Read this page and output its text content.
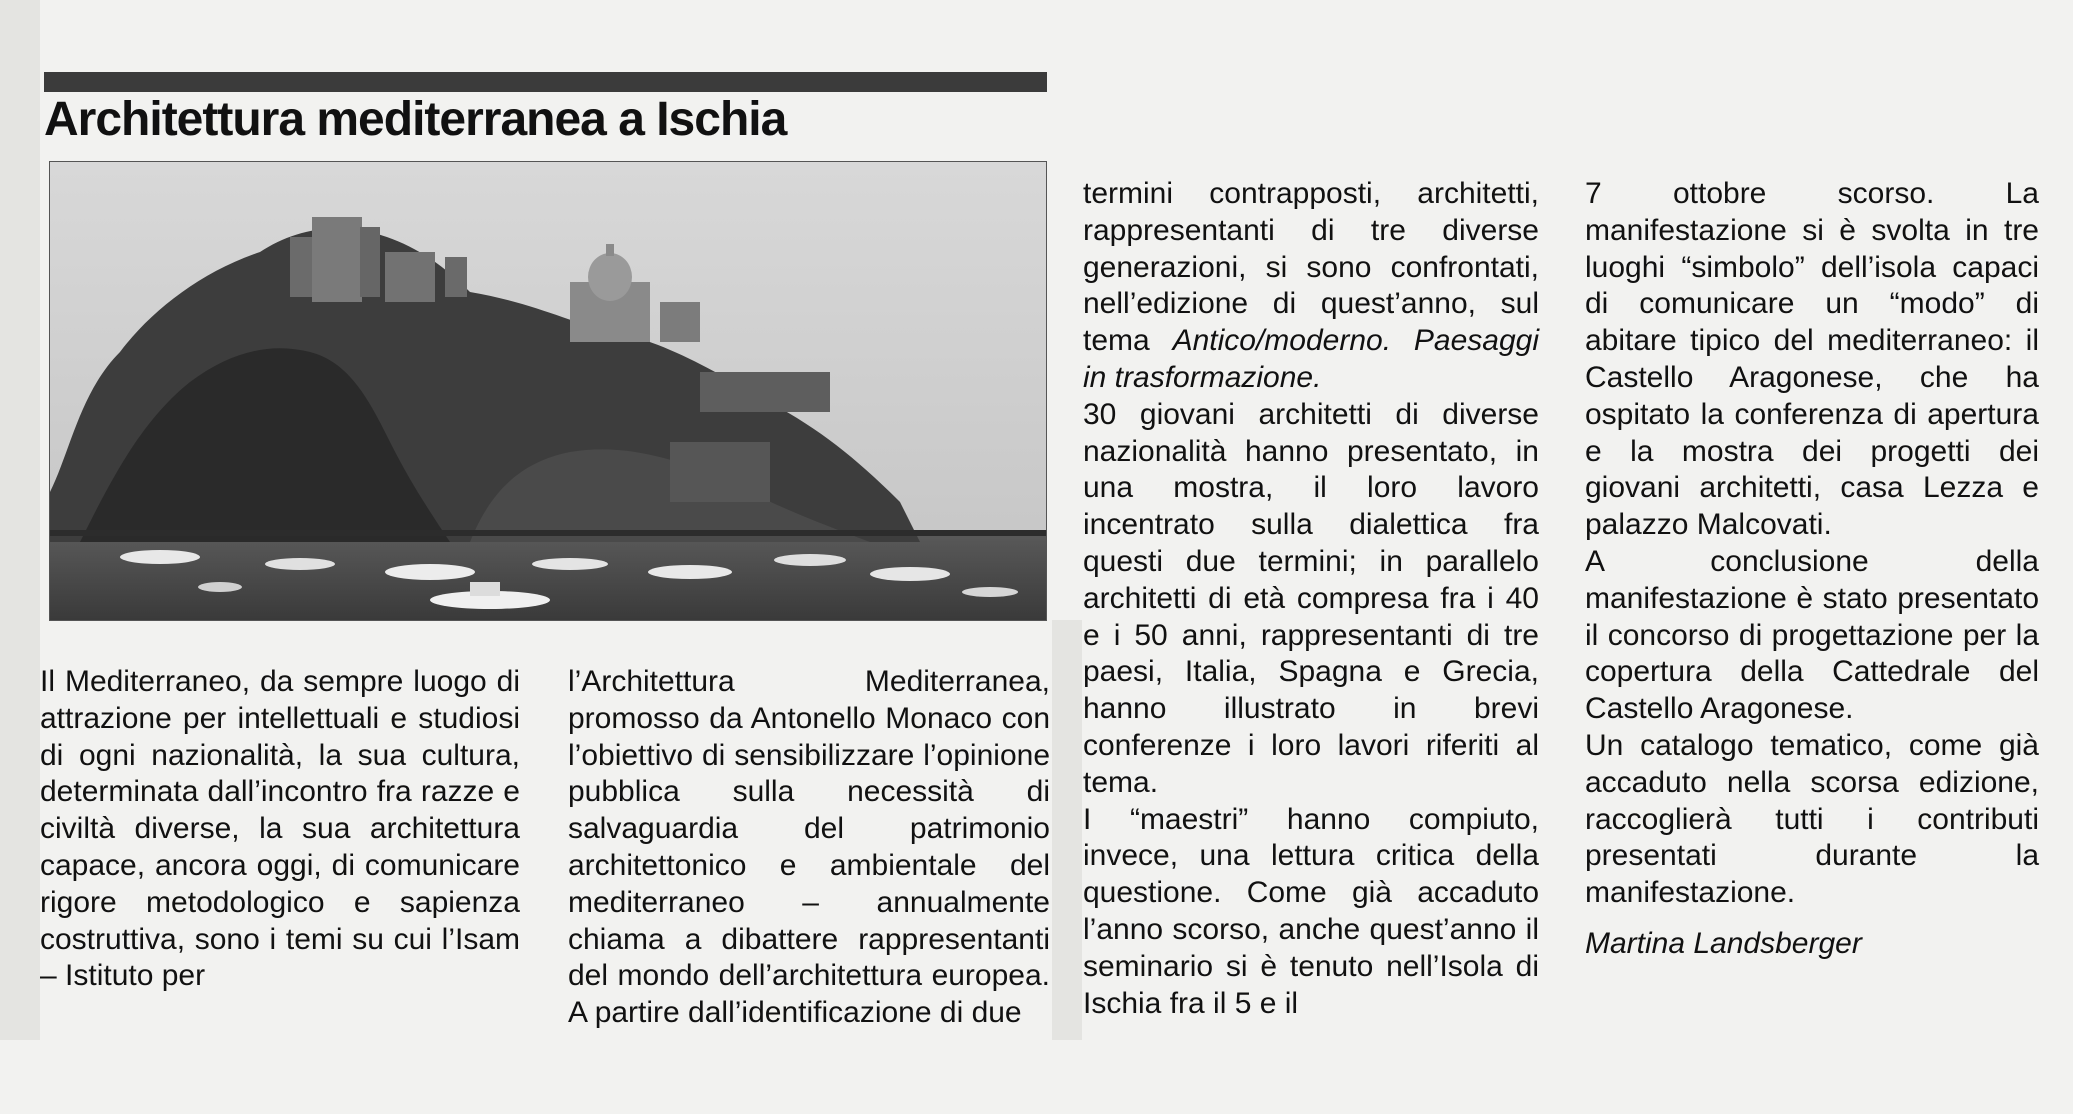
Architettura mediterranea a Ischia

Il Mediterraneo, da sempre luogo di attrazione per intellettuali e studiosi di ogni nazionalità, la sua cultura, determinata dall’incontro fra razze e civiltà diverse, la sua architettura capace, ancora oggi, di comunicare rigore metodologico e sapienza costruttiva, sono i temi su cui l’Isam – Istituto per

l’Architettura Mediterranea, promosso da Antonello Monaco con l’obiettivo di sensibilizzare l’opinione pubblica sulla necessità di salvaguardia del patrimonio architettonico e ambientale del mediterraneo – annualmente chiama a dibattere rappresentanti del mondo dell’architettura europea. A partire dall’identificazione di due

termini contrapposti, architetti, rappresentanti di tre diverse generazioni, si sono confrontati, nell’edizione di quest’anno, sul tema Antico/moderno. Paesaggi in trasformazione.

30 giovani architetti di diverse nazionalità hanno presentato, in una mostra, il loro lavoro incentrato sulla dialettica fra questi due termini; in parallelo architetti di età compresa fra i 40 e i 50 anni, rappresentanti di tre paesi, Italia, Spagna e Grecia, hanno illustrato in brevi conferenze i loro lavori riferiti al tema.

I “maestri” hanno compiuto, invece, una lettura critica della questione. Come già accaduto l’anno scorso, anche quest’anno il seminario si è tenuto nell’Isola di Ischia fra il 5 e il

7 ottobre scorso. La manifestazione si è svolta in tre luoghi “simbolo” dell’isola capaci di comunicare un “modo” di abitare tipico del mediterraneo: il Castello Aragonese, che ha ospitato la conferenza di apertura e la mostra dei progetti dei giovani architetti, casa Lezza e palazzo Malcovati.

A conclusione della manifestazione è stato presentato il concorso di progettazione per la copertura della Cattedrale del Castello Aragonese.

Un catalogo tematico, come già accaduto nella scorsa edizione, raccoglierà tutti i contributi presentati durante la manifestazione.

Martina Landsberger
